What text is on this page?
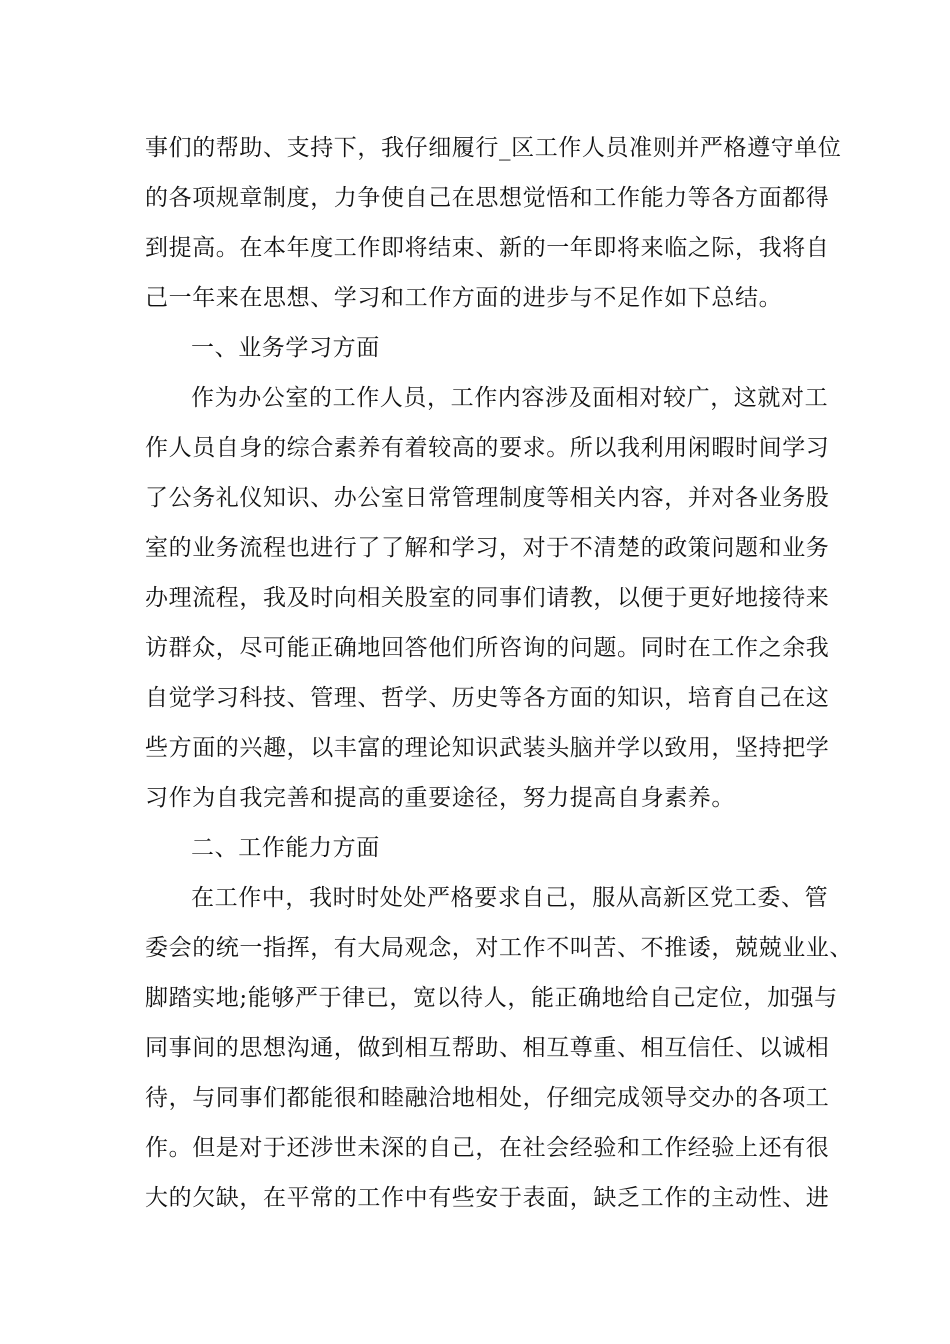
事们的帮助、支持下，我仔细履行_区工作人员准则并严格遵守单位
的各项规章制度，力争使自己在思想觉悟和工作能力等各方面都得
到提高。在本年度工作即将结束、新的一年即将来临之际，我将自
己一年来在思想、学习和工作方面的进步与不足作如下总结。
一、业务学习方面
作为办公室的工作人员，工作内容涉及面相对较广，这就对工
作人员自身的综合素养有着较高的要求。所以我利用闲暇时间学习
了公务礼仪知识、办公室日常管理制度等相关内容，并对各业务股
室的业务流程也进行了了解和学习，对于不清楚的政策问题和业务
办理流程，我及时向相关股室的同事们请教，以便于更好地接待来
访群众，尽可能正确地回答他们所咨询的问题。同时在工作之余我
自觉学习科技、管理、哲学、历史等各方面的知识，培育自己在这
些方面的兴趣，以丰富的理论知识武装头脑并学以致用，坚持把学
习作为自我完善和提高的重要途径，努力提高自身素养。
二、工作能力方面
在工作中，我时时处处严格要求自己，服从高新区党工委、管
委会的统一指挥，有大局观念，对工作不叫苦、不推诿，兢兢业业、
脚踏实地;能够严于律已，宽以待人，能正确地给自己定位，加强与
同事间的思想沟通，做到相互帮助、相互尊重、相互信任、以诚相
待，与同事们都能很和睦融洽地相处，仔细完成领导交办的各项工
作。但是对于还涉世未深的自己，在社会经验和工作经验上还有很
大的欠缺，在平常的工作中有些安于表面，缺乏工作的主动性、进
